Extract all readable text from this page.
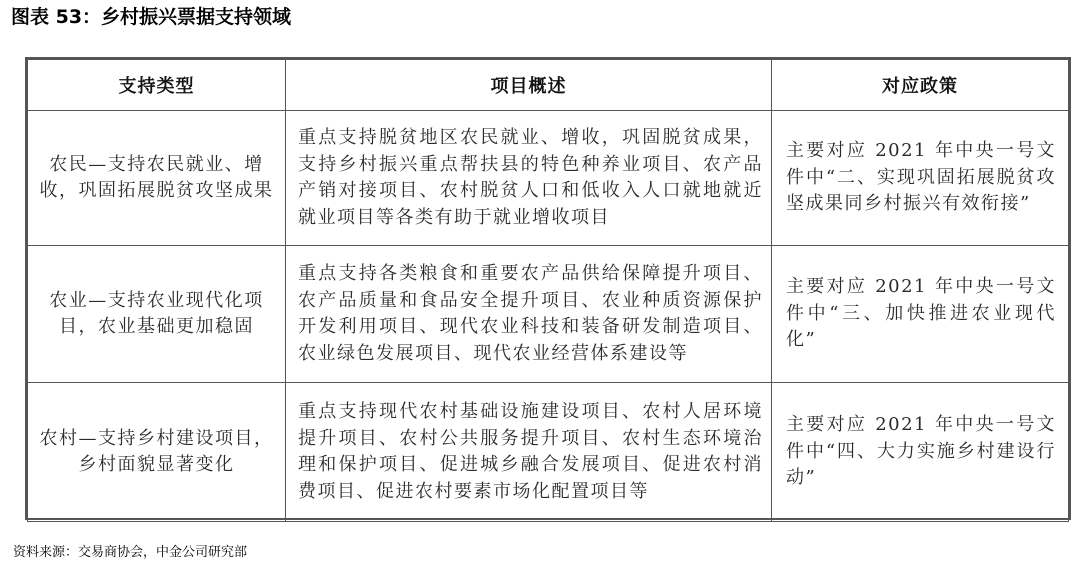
图表 53：乡村振兴票据支持领域
支持类型	项目概述	对应政策
农民—支持农民就业、增收，巩固拓展脱贫攻坚成果	重点支持脱贫地区农民就业、增收，巩固脱贫成果，支持乡村振兴重点帮扶县的特色种养业项目、农产品产销对接项目、农村脱贫人口和低收入人口就地就近就业项目等各类有助于就业增收项目	主要对应 2021 年中央一号文件中“二、实现巩固拓展脱贫攻坚成果同乡村振兴有效衔接”
农业—支持农业现代化项目，农业基础更加稳固	重点支持各类粮食和重要农产品供给保障提升项目、农产品质量和食品安全提升项目、农业种质资源保护开发利用项目、现代农业科技和装备研发制造项目、农业绿色发展项目、现代农业经营体系建设等	主要对应 2021 年中央一号文件中“三、加快推进农业现代化”
农村—支持乡村建设项目，乡村面貌显著变化	重点支持现代农村基础设施建设项目、农村人居环境提升项目、农村公共服务提升项目、农村生态环境治理和保护项目、促进城乡融合发展项目、促进农村消费项目、促进农村要素市场化配置项目等	主要对应 2021 年中央一号文件中“四、大力实施乡村建设行动”
资料来源：交易商协会，中金公司研究部
